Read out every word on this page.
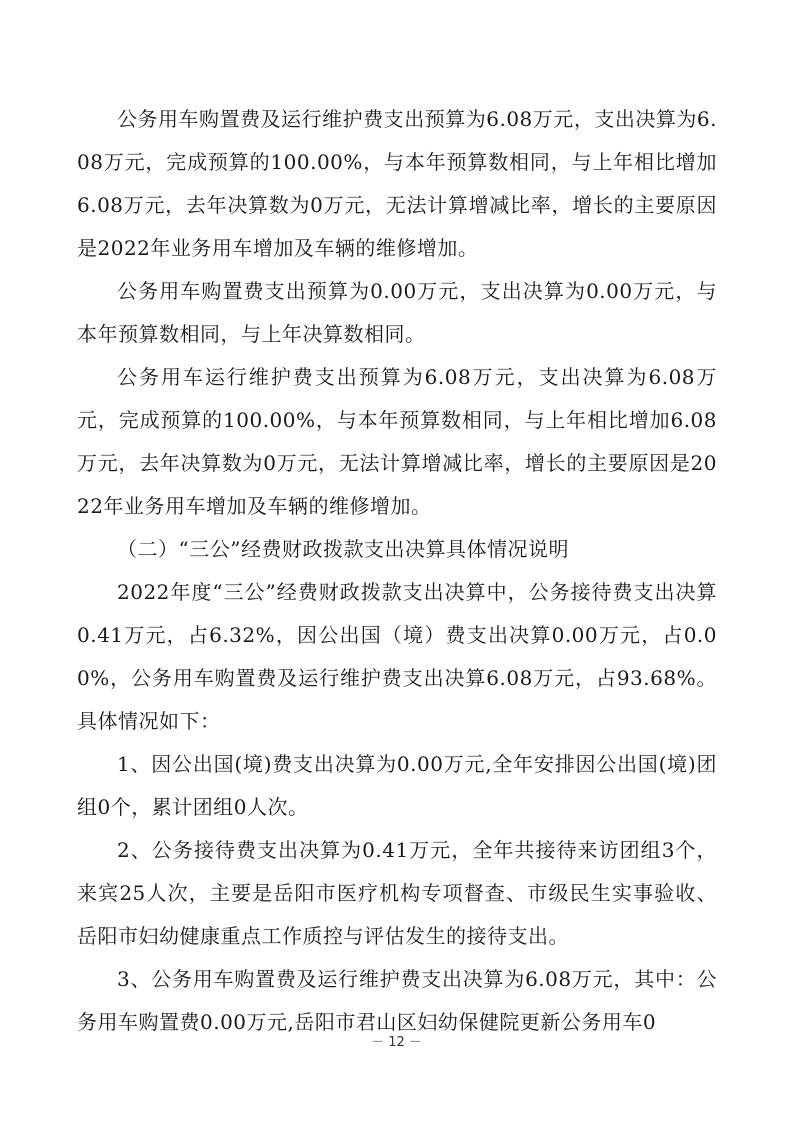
公务用车购置费及运行维护费支出预算为6.08万元，支出决算为6.08万元，完成预算的100.00%，与本年预算数相同，与上年相比增加6.08万元，去年决算数为0万元，无法计算增减比率，增长的主要原因是2022年业务用车增加及车辆的维修增加。

公务用车购置费支出预算为0.00万元，支出决算为0.00万元，与本年预算数相同，与上年决算数相同。

公务用车运行维护费支出预算为6.08万元，支出决算为6.08万元，完成预算的100.00%，与本年预算数相同，与上年相比增加6.08万元，去年决算数为0万元，无法计算增减比率，增长的主要原因是2022年业务用车增加及车辆的维修增加。

（二）“三公”经费财政拨款支出决算具体情况说明

2022年度“三公”经费财政拨款支出决算中，公务接待费支出决算0.41万元，占6.32%，因公出国（境）费支出决算0.00万元，占0.00%，公务用车购置费及运行维护费支出决算6.08万元，占93.68%。具体情况如下：

1、因公出国(境)费支出决算为0.00万元,全年安排因公出国(境)团组0个，累计团组0人次。

2、公务接待费支出决算为0.41万元，全年共接待来访团组3个，来宾25人次，主要是岳阳市医疗机构专项督查、市级民生实事验收、岳阳市妇幼健康重点工作质控与评估发生的接待支出。

3、公务用车购置费及运行维护费支出决算为6.08万元，其中：公务用车购置费0.00万元,岳阳市君山区妇幼保健院更新公务用车0

－ 12 －
